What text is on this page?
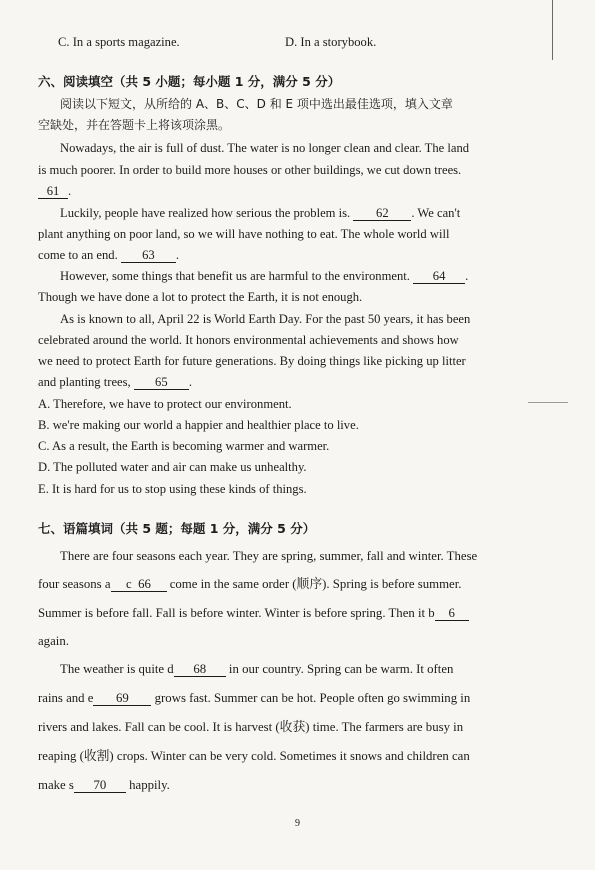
C. In a sports magazine.	D. In a storybook.
六、阅读填空（共 5 小题；每小题 1 分，满分 5 分）
阅读以下短文，从所给的 A、B、C、D 和 E 项中选出最佳选项，填入文章
空缺处，并在答题卡上将该项涂黑。
Nowadays, the air is full of dust. The water is no longer clean and clear. The land
is much poorer. In order to build more houses or other buildings, we cut down trees.
61 .
Luckily, people have realized how serious the problem is. 62 . We can't
plant anything on poor land, so we will have nothing to eat. The whole world will
come to an end. 63 .
However, some things that benefit us are harmful to the environment. 64 .
Though we have done a lot to protect the Earth, it is not enough.
As is known to all, April 22 is World Earth Day. For the past 50 years, it has been
celebrated around the world. It honors environmental achievements and shows how
we need to protect Earth for future generations. By doing things like picking up litter
and planting trees, 65 .
A. Therefore, we have to protect our environment.
B. we're making our world a happier and healthier place to live.
C. As a result, the Earth is becoming warmer and warmer.
D. The polluted water and air can make us unhealthy.
E. It is hard for us to stop using these kinds of things.
七、语篇填词（共 5 题；每题 1 分，满分 5 分）
There are four seasons each year. They are spring, summer, fall and winter. These
four seasons a c 66 come in the same order (顺序). Spring is before summer.
Summer is before fall. Fall is before winter. Winter is before spring. Then it b 6
again.
The weather is quite d 68 in our country. Spring can be warm. It often
rains and e 69 grows fast. Summer can be hot. People often go swimming in
rivers and lakes. Fall can be cool. It is harvest (收获) time. The farmers are busy in
reaping (收割) crops. Winter can be very cold. Sometimes it snows and children can
make s 70 happily.
9
